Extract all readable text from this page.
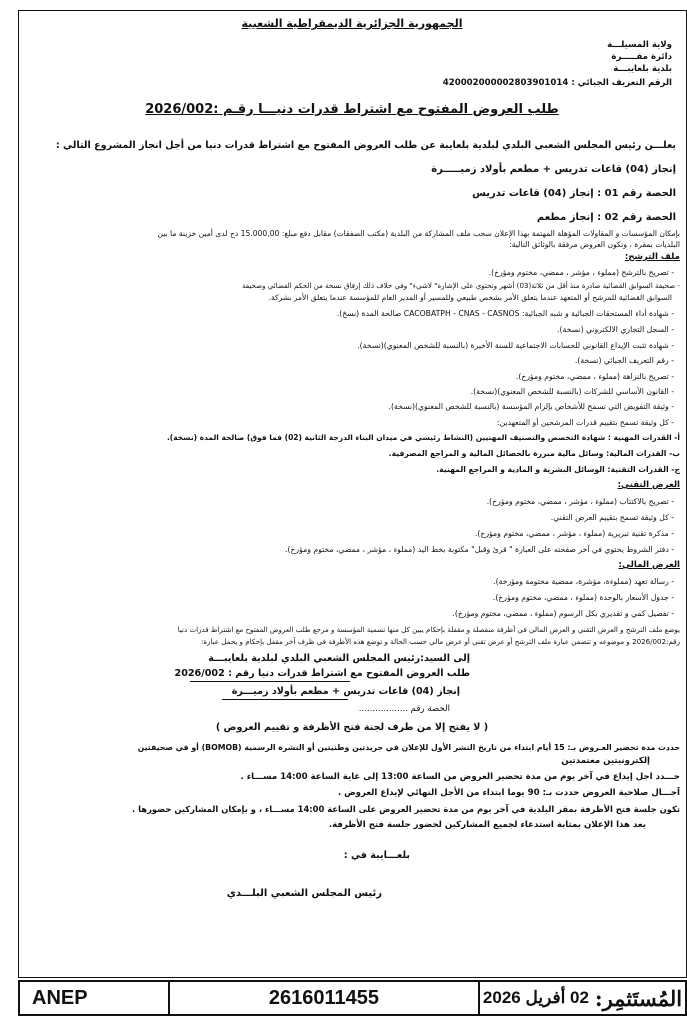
الجمهورية الجزائرية الديمقراطية الشعبية
ولاية المسيلـــة
دائرة مقـــــرة
بلدية بلعايبـــة
الرقم التعريف الجبائي : 420002000002803901014
طلب العروض المفتوح مع اشتراط قدرات دنيـــا رقـم :2026/002
يعلـــن رئيس المجلس الشعبي البلدي لبلدية بلعايبة عن طلب العروض المفتوح مع اشتراط قدرات دنيا من أجل انجاز المشروع التالي :
إنجاز (04) قاعات تدريس + مطعم بأولاد زميـــــرة
الحصة رقم 01 : إنجاز (04) قاعات تدريس
الحصة رقم 02 : إنجاز مطعم
بإمكان المؤسسات و المقاولات المؤهلة المهتمة بهذا الإعلان سحب ملف المشاركة من البلدية (مكتب الصفقات) مقابل دفع مبلغ: 15.000,00 دج لدى أمين خزينة ما بين
البلديات بمقرة ، وتكون العروض مرفقة بالوثائق التالية:
ملف الترشح:
- تصريح بالترشح (مملوء ، مؤشر ، ممضي، مختوم ومؤرخ).
- صحيفة السوابق القضائية صادرة منذ أقل من ثلاثة(03) أشهر وتحتوي على الإشارة" لاشيء" وفي خلاف ذلك إرفاق نسخة من الحكم القضائي وصحيفة
السوابق القضائية للمرشح أو المتعهد عندما يتعلق الأمر بشخص طبيعي وللمسير أو المدير العام للمؤسسة عندما يتعلق الأمر بشركة.
- شهادة أداء المستحقات الجبائية و شبه الجبائية: CACOBATPH - CNAS - CASNOS صالحة المدة (نسخ).
- السجل التجاري الالكتروني (نسخة).
- شهادة تثبت الإيداع القانوني للحسابات الاجتماعية للسنة الأخيرة (بالنسبة للشخص المعنوي)(نسخة).
- رقم التعريف الجبائي (نسخة).
- تصريح بالنزاهة (مملوء ، ممضي، مختوم ومؤرخ).
- القانون الأساسي للشركات (بالنسبة للشخص المعنوي)(نسخة).
- وثيقة التفويض التي تسمح للأشخاص بإلزام المؤسسة (بالنسبة للشخص المعنوي)(نسخة).
- كل وثيقة تسمح بتقييم قدرات المرشحين أو المتعهدين:
أ- القدرات المهنية : شهادة التخصص والتصنيف المهنيين (النشاط رئيسي في ميدان البناء الدرجة الثانية (02) فما فوق) صالحة المدة (نسخة).
ب- القدرات المالية: وسائل مالية مبررة بالحصائل المالية و المراجع المصرفية.
ج- القدرات التقنية: الوسائل البشرية و المادية و المراجع المهنية.
العرض التقني:
- تصريح بالاكتتاب (مملوء ، مؤشر ، ممضي، مختوم ومؤرخ).
- كل وثيقة تسمح بتقييم العرض التقني.
- مذكرة تقنية تبريرية (مملوء ، مؤشر ، ممضي، مختوم ومؤرخ).
- دفتر الشروط يحتوي في آخر صفحته على العبارة " قرئ وقبل" مكتوبة بخط اليد (مملوء ، مؤشر ، ممضي، مختوم ومؤرخ).
العرض المالي:
- رسالة تعهد (مملوءة، مؤشرة، ممضية مختومة ومؤرخة).
- جدول الأسعار بالوحدة (مملوء ، ممضي، مختوم ومؤرخ).
- تفصيل كمي و تقديري بكل الرسوم (مملوء ، ممضي، مختوم ومؤرخ).
يوضع ملف الترشح و العرض التقني و العرض المالي في أظرفة منفصلة و مقفلة بإحكام يبين كل منها تسمية المؤسسة و مرجع طلب العروض المفتوح مع اشتراط قدرات دنيا
رقم:2026/002 و موضوعه و تتضمن عبارة ملف الترشح أو عرض تقني أو عرض مالي حسب الحالة و توضع هذه الأظرفة في ظرف آخر مقفل بإحكام و يحمل عبارة:
إلى السيد:رئيس المجلس الشعبي البلدي لبلدية بلعايبـــة
طلب العروض المفتوح مع اشتراط قدرات دنيا رقم : 2026/002
إنجاز (04) قاعات تدريس + مطعم بأولاد زميـــرة
الحصة رقم ..................
( لا يفتح إلا من طرف لجنة فتح الأظرفة و تقييم العروض )
حددت مدة تحضير العـروض بـ: 15 أيام ابتداء من تاريخ النشر الأول للإعلان في جريدتين وطنيتين أو النشرة الرسمية (BOMOB) أو في صحيفتين
إلكترونيتين معتمدتين
حـــدد اجل إيداع في آخر يوم من مدة تحضير العروض من الساعة 13:00 إلى غاية الساعة 14:00 مســـاء .
آجـــال صلاحية العروض حددت بـ: 90 يوما ابتداء من الأجل النهائي لإيداع العروض .
تكون جلسة فتح الأظرفة بمقر البلدية في آخر يوم من مدة تحضير العروض على الساعة 14:00 مســـاء ، و بإمكان المشاركين حضورها .
يعد هذا الإعلان بمثابة استدعاء لجميع المشاركين لحضور جلسة فتح الأظرفة.
بلعـــايبة في :
رئيس المجلس الشعبي البلـــدي
ANEP	2616011455	المُستَثمِر:
02 أفريل 2026
